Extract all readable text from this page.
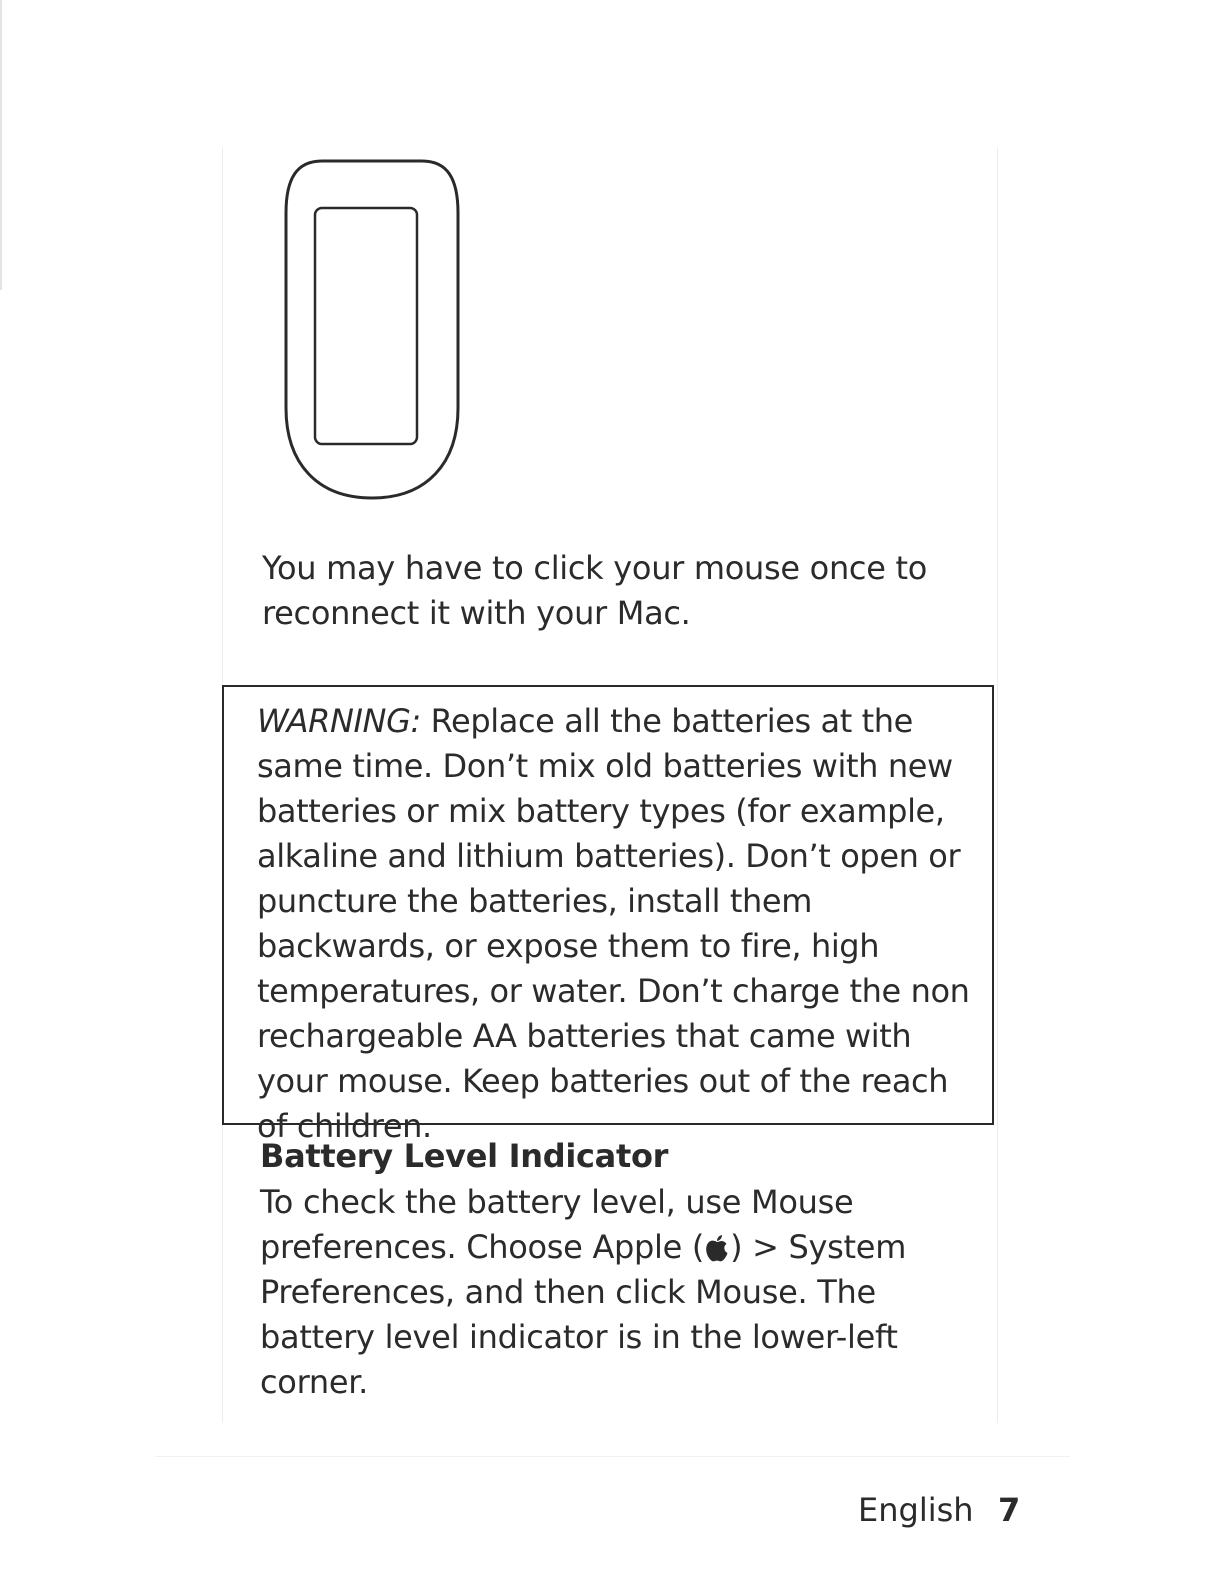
You may have to click your mouse once to reconnect it with your Mac.

WARNING: Replace all the batteries at the same time. Don’t mix old batteries with new batteries or mix battery types (for example, alkaline and lithium batteries). Don’t open or puncture the batteries, install them backwards, or expose them to fire, high temperatures, or water. Don’t charge the non rechargeable AA batteries that came with your mouse. Keep batteries out of the reach of children.

Battery Level Indicator

To check the battery level, use Mouse preferences. Choose Apple ( ) > System Preferences, and then click Mouse. The battery level indicator is in the lower-left corner.

English 7
